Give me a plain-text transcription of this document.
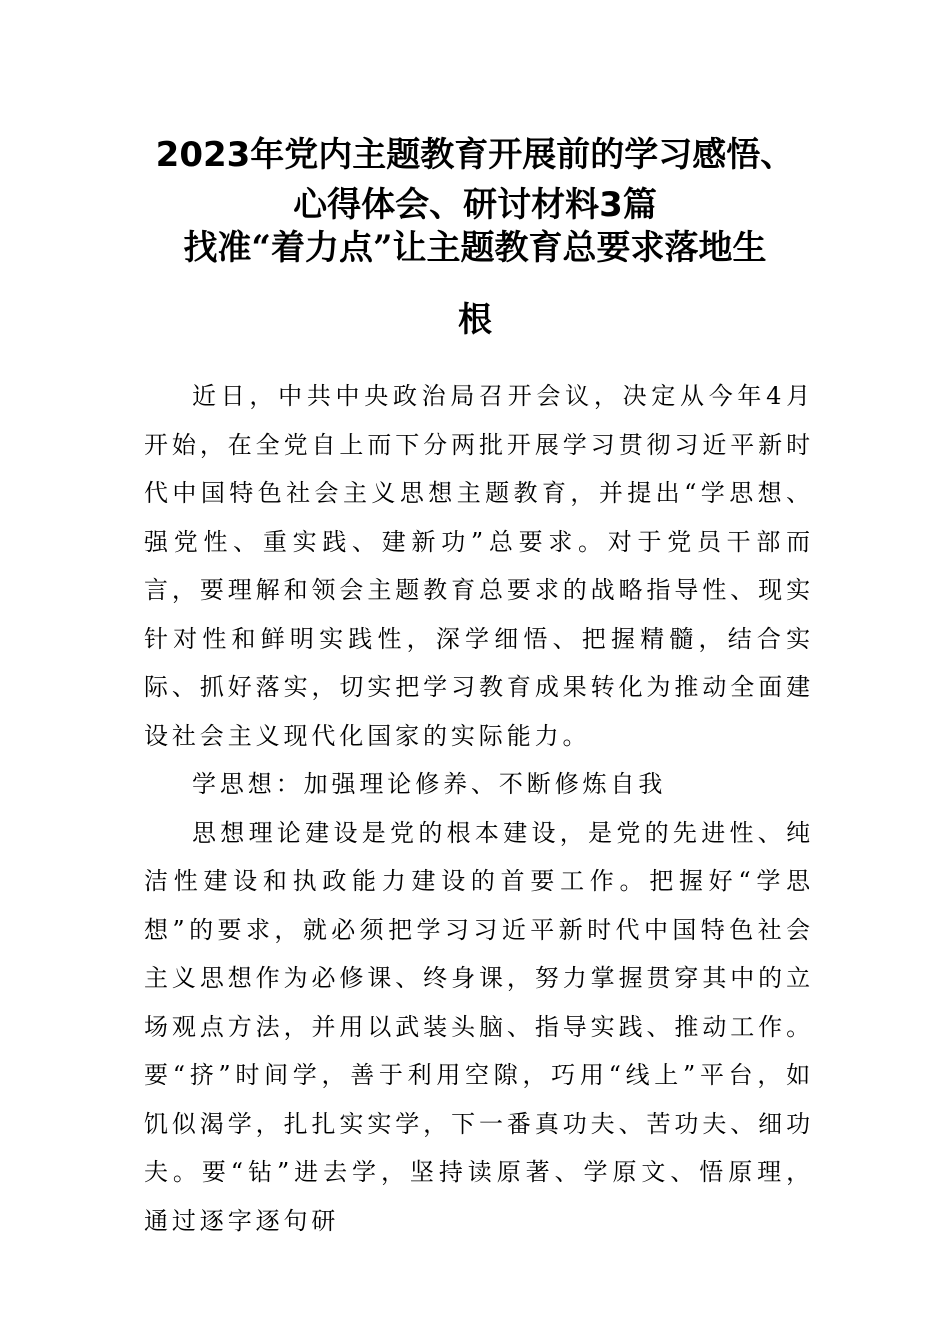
2023年党内主题教育开展前的学习感悟、
心得体会、研讨材料3篇
找准“着力点”让主题教育总要求落地生
根

近日，中共中央政治局召开会议，决定从今年4月开始，在全党自上而下分两批开展学习贯彻习近平新时代中国特色社会主义思想主题教育，并提出“学思想、强党性、重实践、建新功”总要求。对于党员干部而言，要理解和领会主题教育总要求的战略指导性、现实针对性和鲜明实践性，深学细悟、把握精髓，结合实际、抓好落实，切实把学习教育成果转化为推动全面建设社会主义现代化国家的实际能力。

学思想：加强理论修养、不断修炼自我

思想理论建设是党的根本建设，是党的先进性、纯洁性建设和执政能力建设的首要工作。把握好“学思想”的要求，就必须把学习习近平新时代中国特色社会主义思想作为必修课、终身课，努力掌握贯穿其中的立场观点方法，并用以武装头脑、指导实践、推动工作。要“挤”时间学，善于利用空隙，巧用“线上”平台，如饥似渴学，扎扎实实学，下一番真功夫、苦功夫、细功夫。要“钻”进去学，坚持读原著、学原文、悟原理，通过逐字逐句研
